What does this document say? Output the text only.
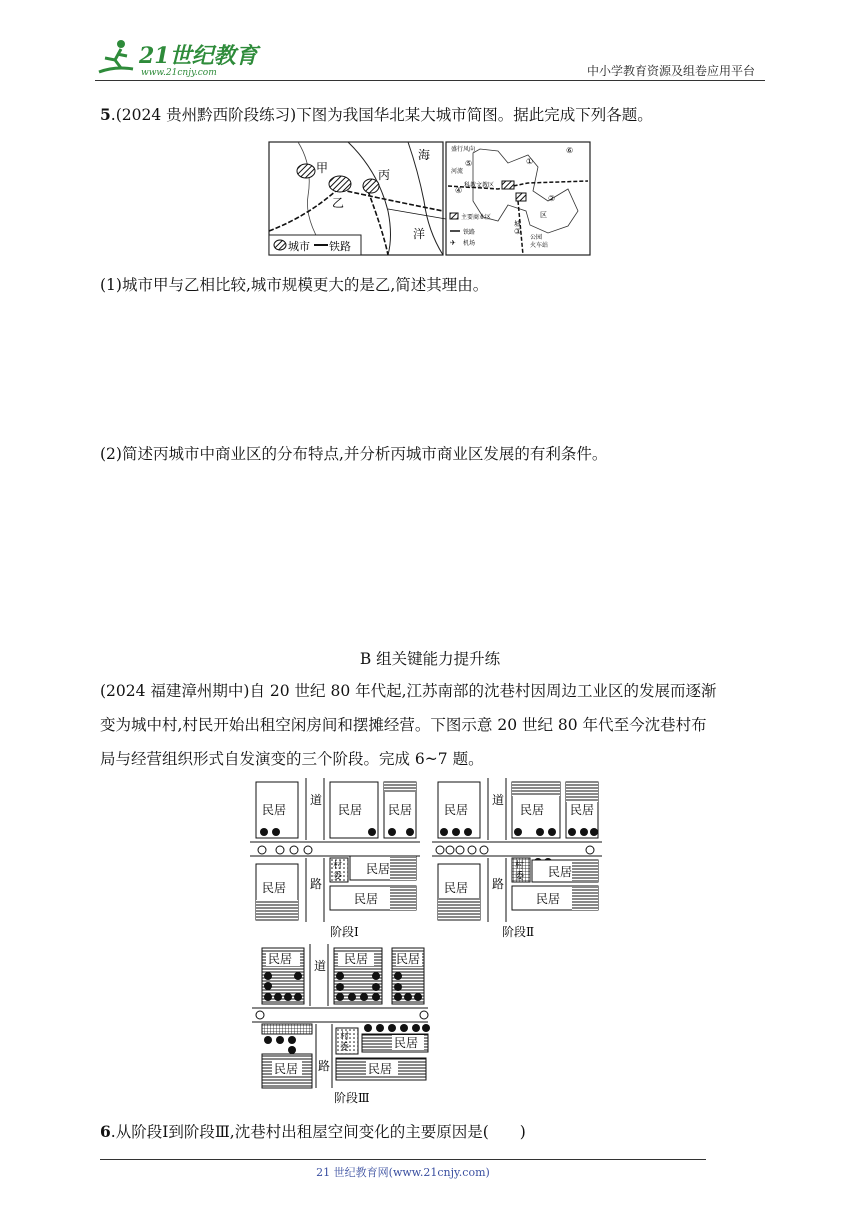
21世纪教育
www.21cnjy.com	中小学教育资源及组卷应用平台
5.(2024 贵州黔西阶段练习)下图为我国华北某大城市简图。据此完成下列各题。
甲
乙
丙
海
洋
城市 铁路
盛行风向
河流
科教文教区
⑤
④
①
⑥
②
城
③
区
公园
火车站
主要商业区
铁路
✈ 机场
(1)城市甲与乙相比较,城市规模更大的是乙,简述其理由。
(2)简述丙城市中商业区的分布特点,并分析丙城市商业区发展的有利条件。
B 组关键能力提升练
(2024 福建漳州期中)自 20 世纪 80 年代起,江苏南部的沈巷村因周边工业区的发展而逐渐
变为城中村,村民开始出租空闲房间和摆摊经营。下图示意 20 世纪 80 年代至今沈巷村布
局与经营组织形式自发演变的三个阶段。完成 6~7 题。
民居
道
民居 民居
民居 路
村
委
民居
民居
阶段Ⅰ
民居
道
民居 民居
民居 路
村
委 民居
民居
阶段Ⅱ
民居 道 民居 民居
民居 路
村
委	民居
民居
阶段Ⅲ
6.从阶段Ⅰ到阶段Ⅲ,沈巷村出租屋空间变化的主要原因是(　　)
21 世纪教育网(www.21cnjy.com)
